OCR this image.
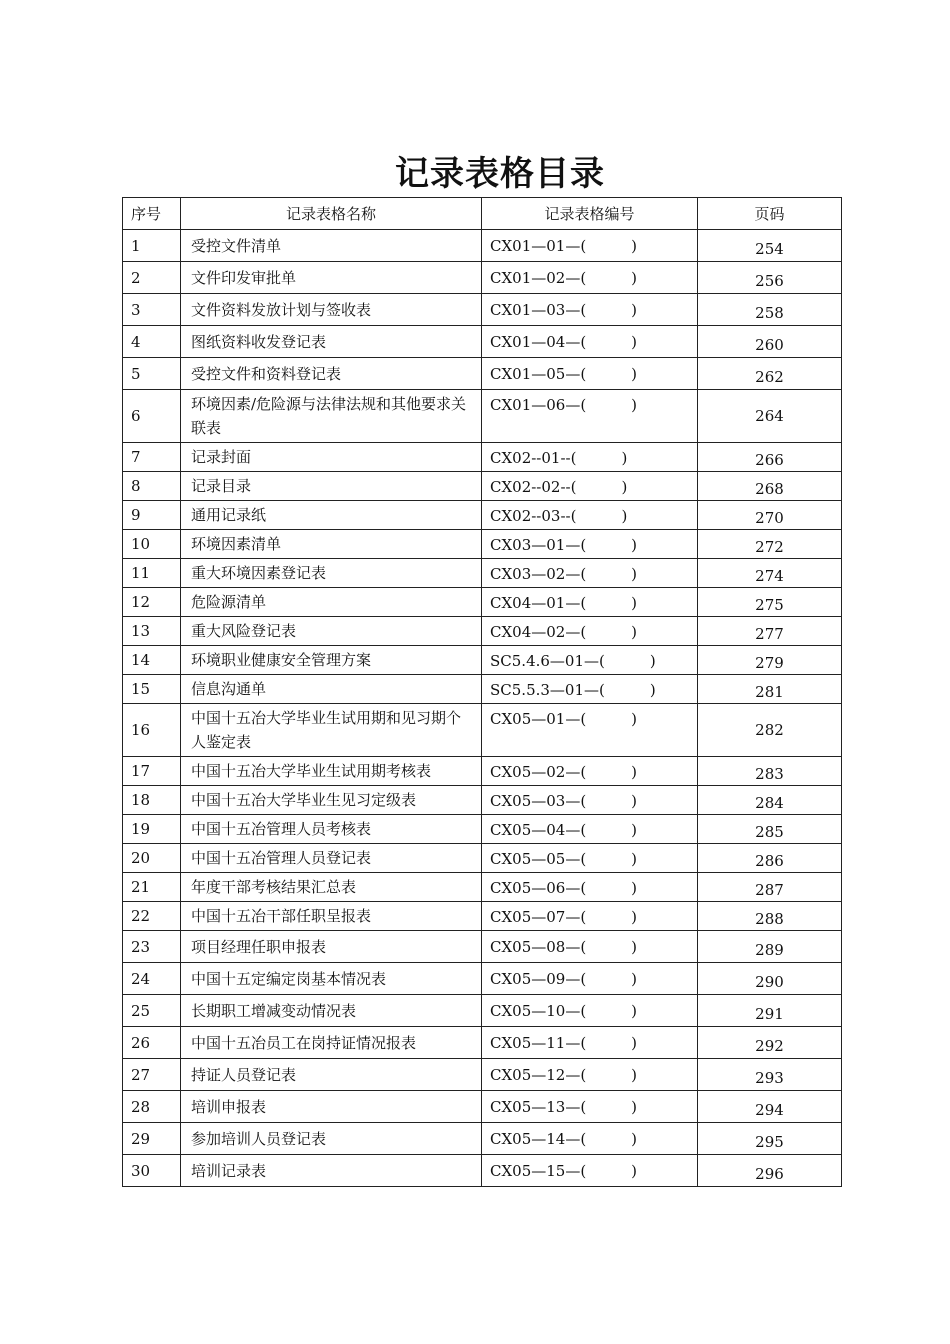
记录表格目录
序号	记录表格名称	记录表格编号	页码
1	受控文件清单	CX01—01—(　　　)	254
2	文件印发审批单	CX01—02—(　　　)	256
3	文件资料发放计划与签收表	CX01—03—(　　　)	258
4	图纸资料收发登记表	CX01—04—(　　　)	260
5	受控文件和资料登记表	CX01—05—(　　　)	262
6	环境因素/危险源与法律法规和其他要求关联表	CX01—06—(　　　)	264
7	记录封面	CX02--01--(　　　)	266
8	记录目录	CX02--02--(　　　)	268
9	通用记录纸	CX02--03--(　　　)	270
10	环境因素清单	CX03—01—(　　　)	272
11	重大环境因素登记表	CX03—02—(　　　)	274
12	危险源清单	CX04—01—(　　　)	275
13	重大风险登记表	CX04—02—(　　　)	277
14	环境职业健康安全管理方案	SC5.4.6—01—(　　　)	279
15	信息沟通单	SC5.5.3—01—(　　　)	281
16	中国十五冶大学毕业生试用期和见习期个人鉴定表	CX05—01—(　　　)	282
17	中国十五冶大学毕业生试用期考核表	CX05—02—(　　　)	283
18	中国十五冶大学毕业生见习定级表	CX05—03—(　　　)	284
19	中国十五冶管理人员考核表	CX05—04—(　　　)	285
20	中国十五冶管理人员登记表	CX05—05—(　　　)	286
21	年度干部考核结果汇总表	CX05—06—(　　　)	287
22	中国十五冶干部任职呈报表	CX05—07—(　　　)	288
23	项目经理任职申报表	CX05—08—(　　　)	289
24	中国十五定编定岗基本情况表	CX05—09—(　　　)	290
25	长期职工增减变动情况表	CX05—10—(　　　)	291
26	中国十五冶员工在岗持证情况报表	CX05—11—(　　　)	292
27	持证人员登记表	CX05—12—(　　　)	293
28	培训申报表	CX05—13—(　　　)	294
29	参加培训人员登记表	CX05—14—(　　　)	295
30	培训记录表	CX05—15—(　　　)	296
